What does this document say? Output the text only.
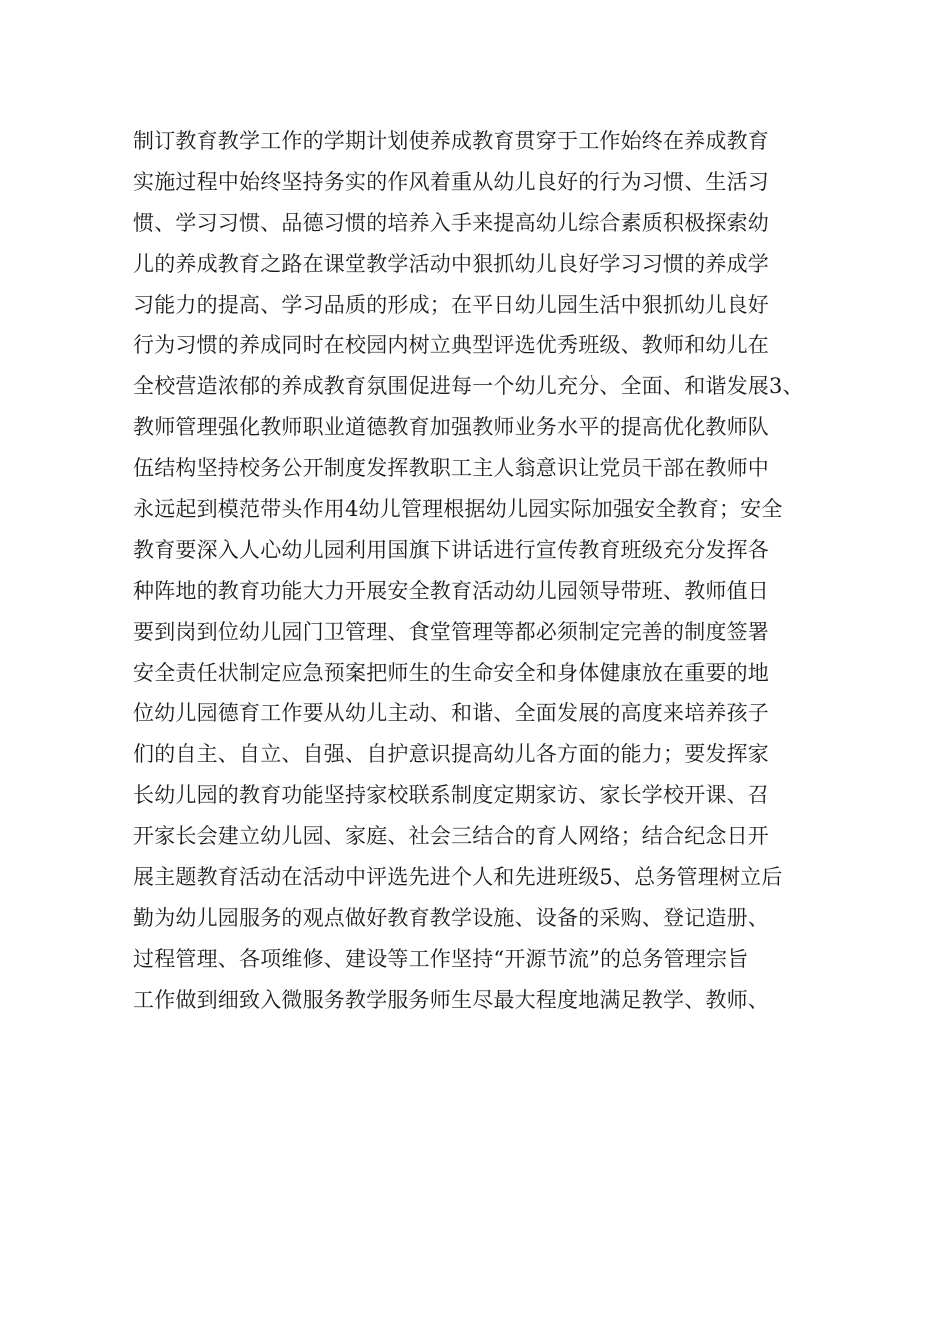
制订教育教学工作的学期计划使养成教育贯穿于工作始终在养成教育
实施过程中始终坚持务实的作风着重从幼儿良好的行为习惯、生活习
惯、学习习惯、品德习惯的培养入手来提高幼儿综合素质积极探索幼
儿的养成教育之路在课堂教学活动中狠抓幼儿良好学习习惯的养成学
习能力的提高、学习品质的形成；在平日幼儿园生活中狠抓幼儿良好
行为习惯的养成同时在校园内树立典型评选优秀班级、教师和幼儿在
全校营造浓郁的养成教育氛围促进每一个幼儿充分、全面、和谐发展3、
教师管理强化教师职业道德教育加强教师业务水平的提高优化教师队
伍结构坚持校务公开制度发挥教职工主人翁意识让党员干部在教师中
永远起到模范带头作用4幼儿管理根据幼儿园实际加强安全教育；安全
教育要深入人心幼儿园利用国旗下讲话进行宣传教育班级充分发挥各
种阵地的教育功能大力开展安全教育活动幼儿园领导带班、教师值日
要到岗到位幼儿园门卫管理、食堂管理等都必须制定完善的制度签署
安全责任状制定应急预案把师生的生命安全和身体健康放在重要的地
位幼儿园德育工作要从幼儿主动、和谐、全面发展的高度来培养孩子
们的自主、自立、自强、自护意识提高幼儿各方面的能力；要发挥家
长幼儿园的教育功能坚持家校联系制度定期家访、家长学校开课、召
开家长会建立幼儿园、家庭、社会三结合的育人网络；结合纪念日开
展主题教育活动在活动中评选先进个人和先进班级5、总务管理树立后
勤为幼儿园服务的观点做好教育教学设施、设备的采购、登记造册、
过程管理、各项维修、建设等工作坚持“开源节流”的总务管理宗旨
工作做到细致入微服务教学服务师生尽最大程度地满足教学、教师、
